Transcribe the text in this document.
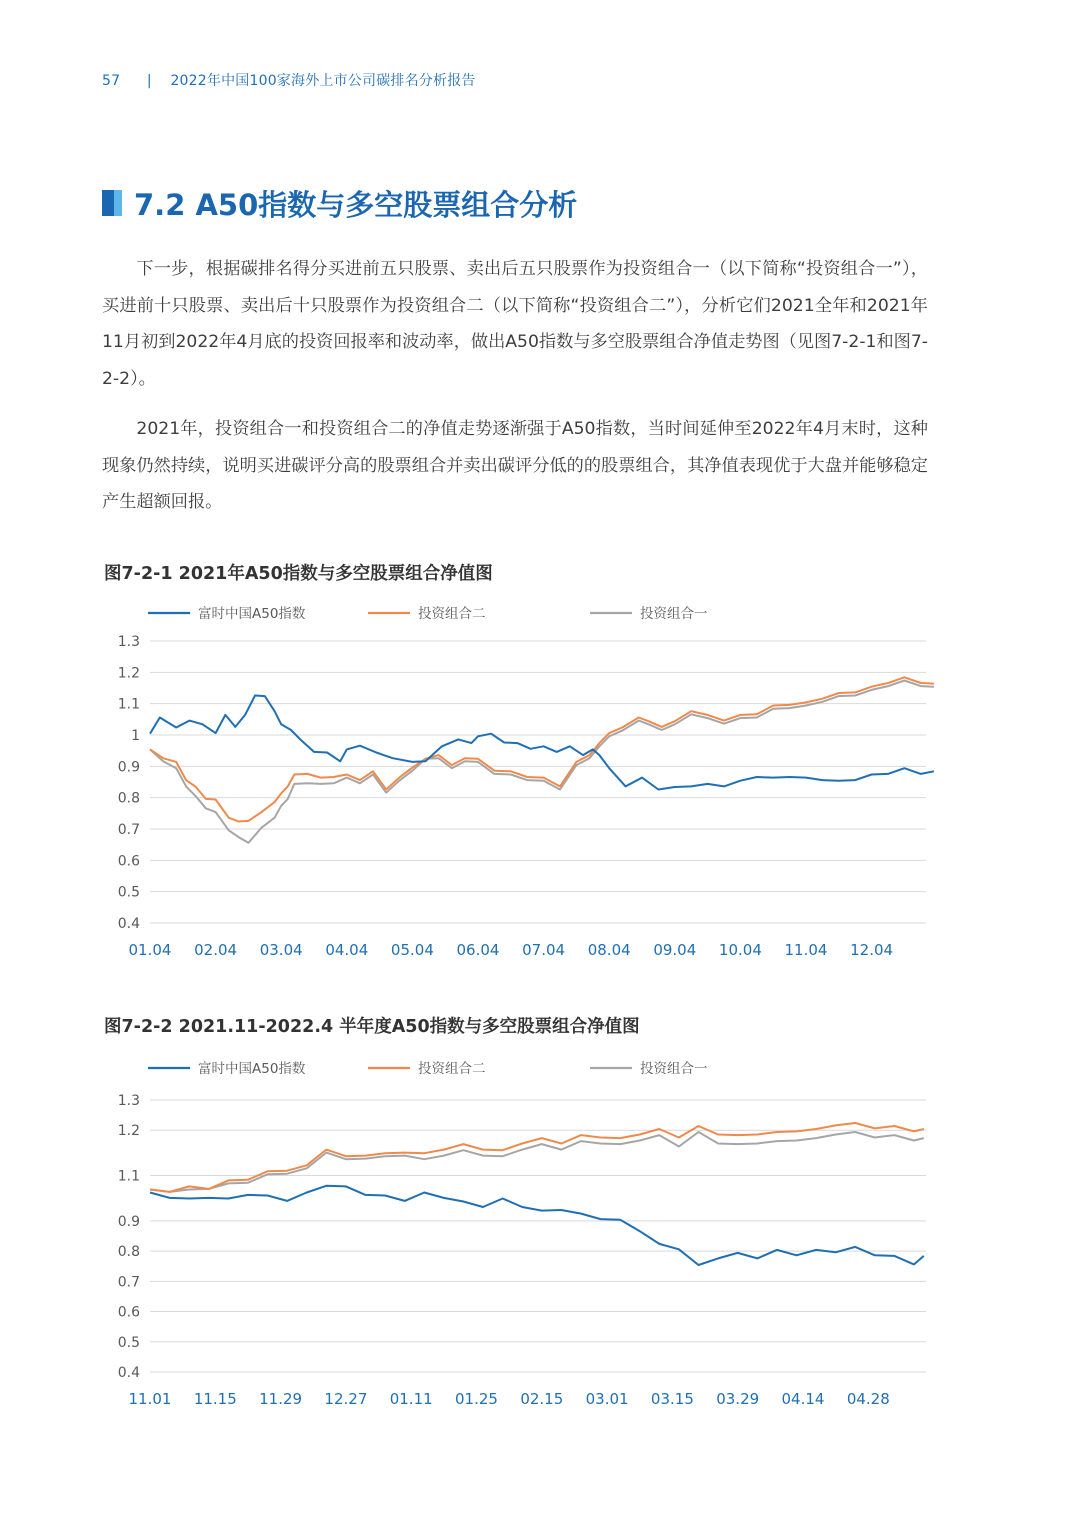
57 | 2022年中国100家海外上市公司碳排名分析报告
7.2 A50指数与多空股票组合分析

下一步，根据碳排名得分买进前五只股票、卖出后五只股票作为投资组合一（以下简称“投资组合一”），买进前十只股票、卖出后十只股票作为投资组合二（以下简称“投资组合二”），分析它们2021全年和2021年11月初到2022年4月底的投资回报率和波动率，做出A50指数与多空股票组合净值走势图（见图7-2-1和图7-2-2）。

2021年，投资组合一和投资组合二的净值走势逐渐强于A50指数，当时间延伸至2022年4月末时，这种现象仍然持续，说明买进碳评分高的股票组合并卖出碳评分低的的股票组合，其净值表现优于大盘并能够稳定产生超额回报。

图7-2-1 2021年A50指数与多空股票组合净值图
富时中国A50指数	投资组合二	投资组合一
0.4
0.5
0.6
0.7
0.8
0.9
1
1.1
1.2
1.3
01.04 02.04 03.04 04.04 05.04 06.04 07.04 08.04 09.04 10.04 11.04 12.04
图7-2-2 2021.11-2022.4 半年度A50指数与多空股票组合净值图
富时中国A50指数	投资组合二	投资组合一
0.4
0.5
0.6
0.7
0.8
0.9
1.1
1.2
1.3
11.01 11.15 11.29 12.27 01.11 01.25 02.15 03.01 03.15 03.29 04.14 04.28
